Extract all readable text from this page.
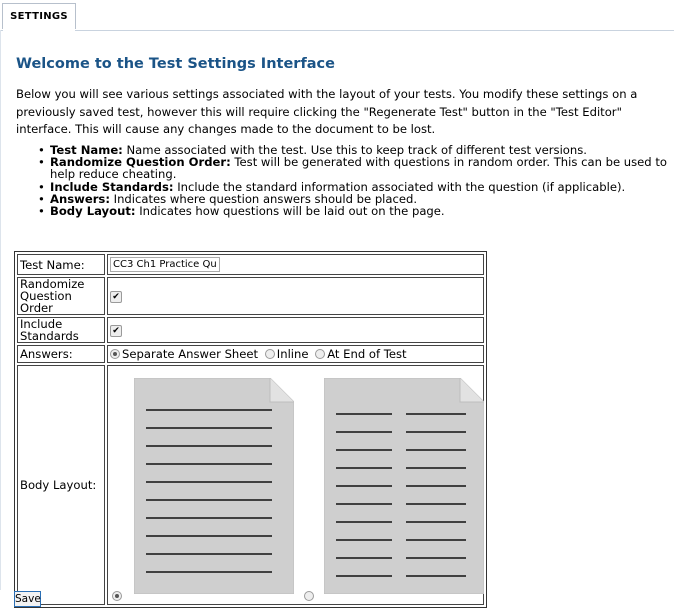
SETTINGS
Welcome to the Test Settings Interface

Below you will see various settings associated with the layout of your tests. You modify these settings on a previously saved test, however this will require clicking the "Regenerate Test" button in the "Test Editor" interface. This will cause any changes made to the document to be lost.

• Test Name: Name associated with the test. Use this to keep track of different test versions.
• Randomize Question Order: Test will be generated with questions in random order. This can be used to help reduce cheating.
• Include Standards: Include the standard information associated with the question (if applicable).
• Answers: Indicates where question answers should be placed.
• Body Layout: Indicates how questions will be laid out on the page.
Test Name:	CC3 Ch1 Practice Qui:
Randomize
Question Order	✔
Include
Standards	✔
Answers:	Separate Answer Sheet Inline At End of Test
Body Layout:	
Save
